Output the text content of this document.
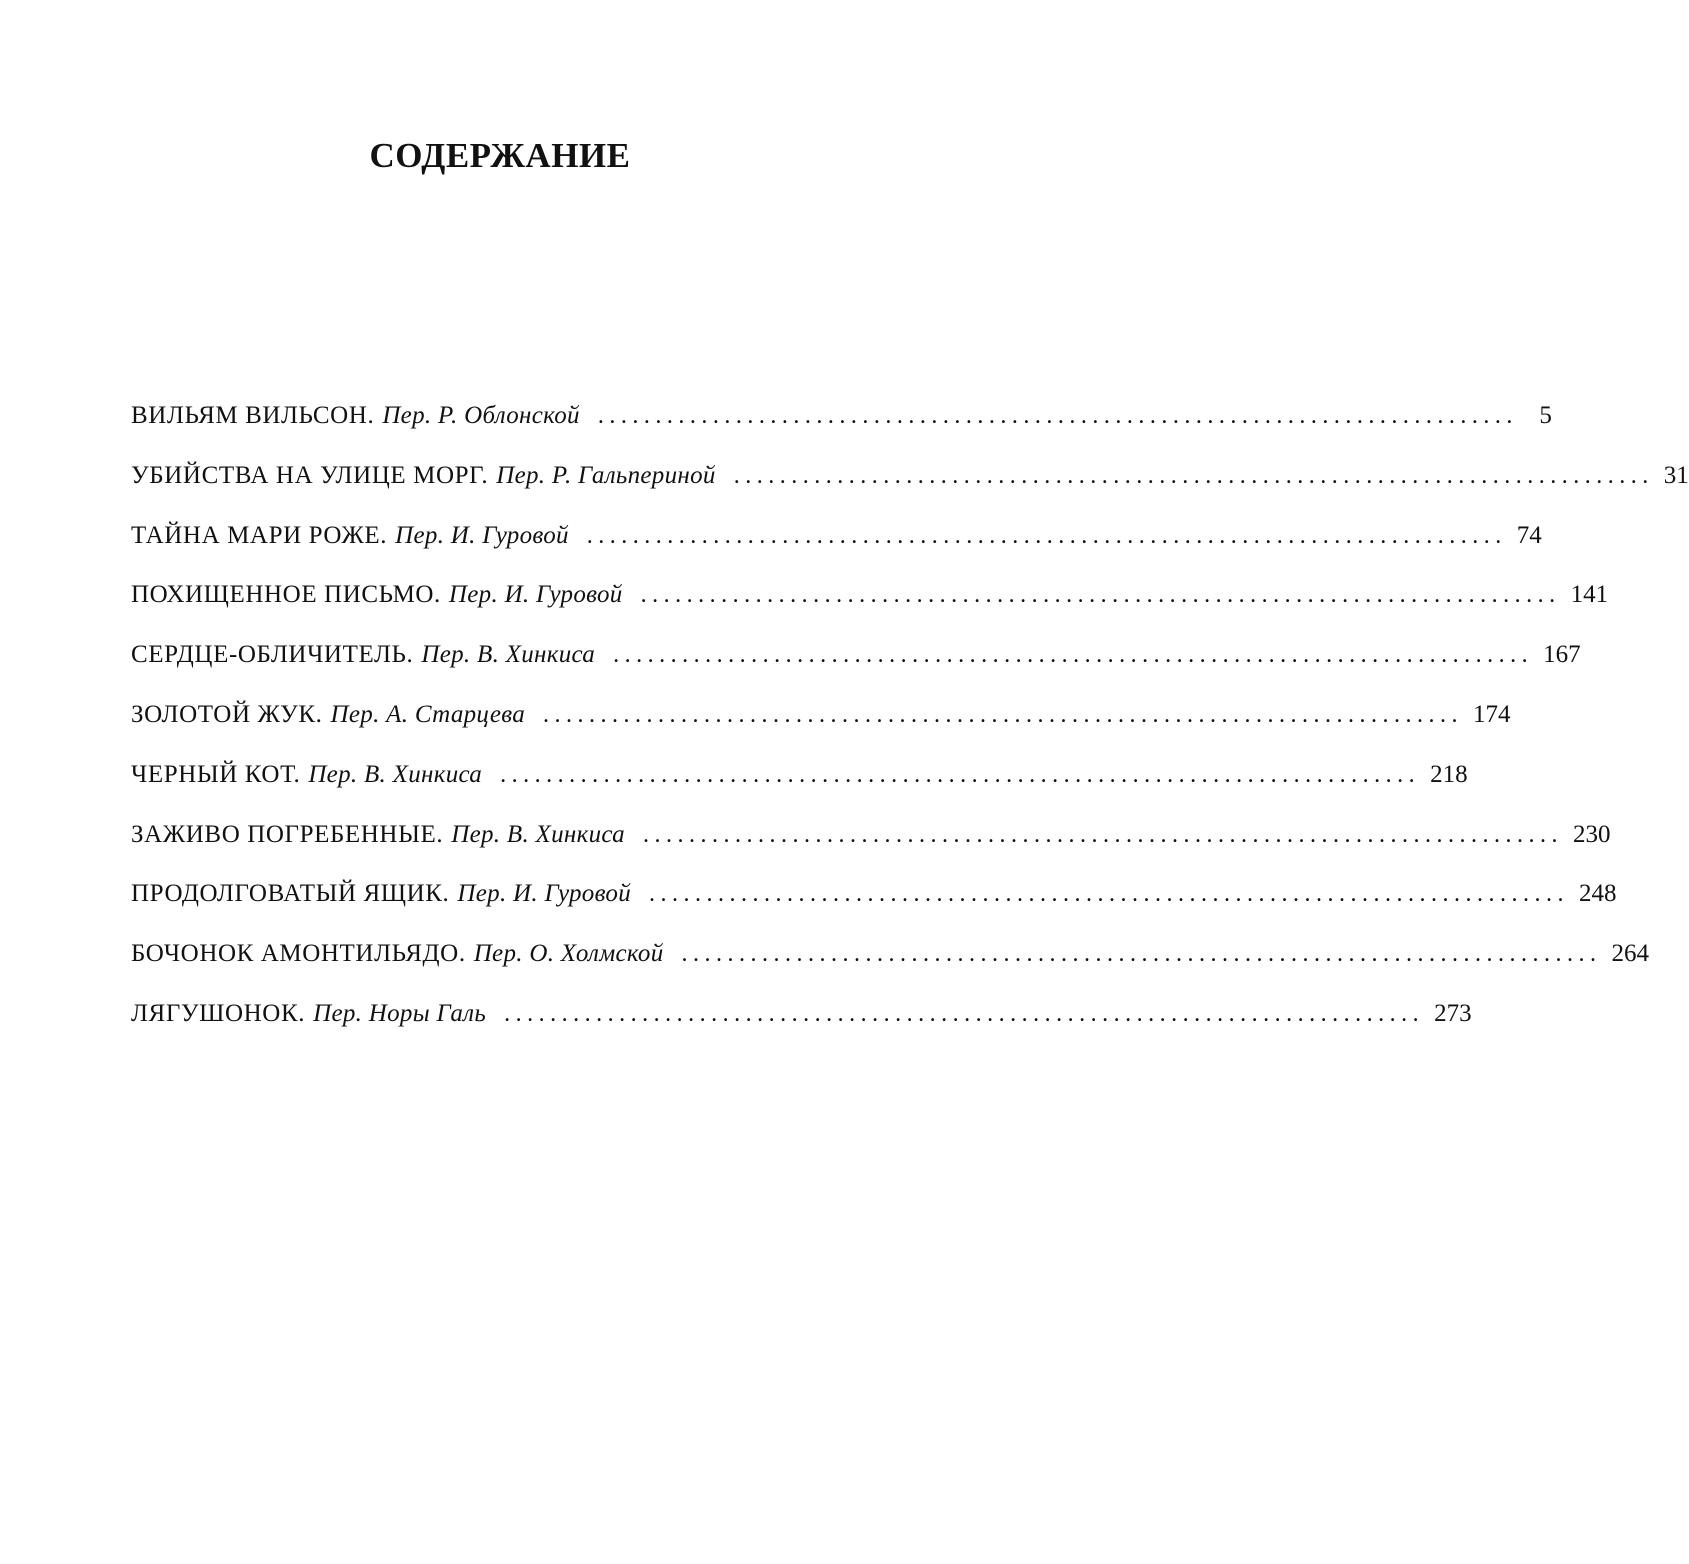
СОДЕРЖАНИЕ
ВИЛЬЯМ ВИЛЬСОН. Пер. Р. Облонской ................................................................................ 5
УБИЙСТВА НА УЛИЦЕ МОРГ. Пер. Р. Гальпериной ................................................................................ 31
ТАЙНА МАРИ РОЖЕ. Пер. И. Гуровой ................................................................................ 74
ПОХИЩЕННОЕ ПИСЬМО. Пер. И. Гуровой ................................................................................ 141
СЕРДЦЕ-ОБЛИЧИТЕЛЬ. Пер. В. Хинкиса ................................................................................ 167
ЗОЛОТОЙ ЖУК. Пер. А. Старцева ................................................................................ 174
ЧЕРНЫЙ КОТ. Пер. В. Хинкиса ................................................................................ 218
ЗАЖИВО ПОГРЕБЕННЫЕ. Пер. В. Хинкиса ................................................................................ 230
ПРОДОЛГОВАТЫЙ ЯЩИК. Пер. И. Гуровой ................................................................................ 248
БОЧОНОК АМОНТИЛЬЯДО. Пер. О. Холмской ................................................................................ 264
ЛЯГУШОНОК. Пер. Норы Галь ................................................................................ 273
